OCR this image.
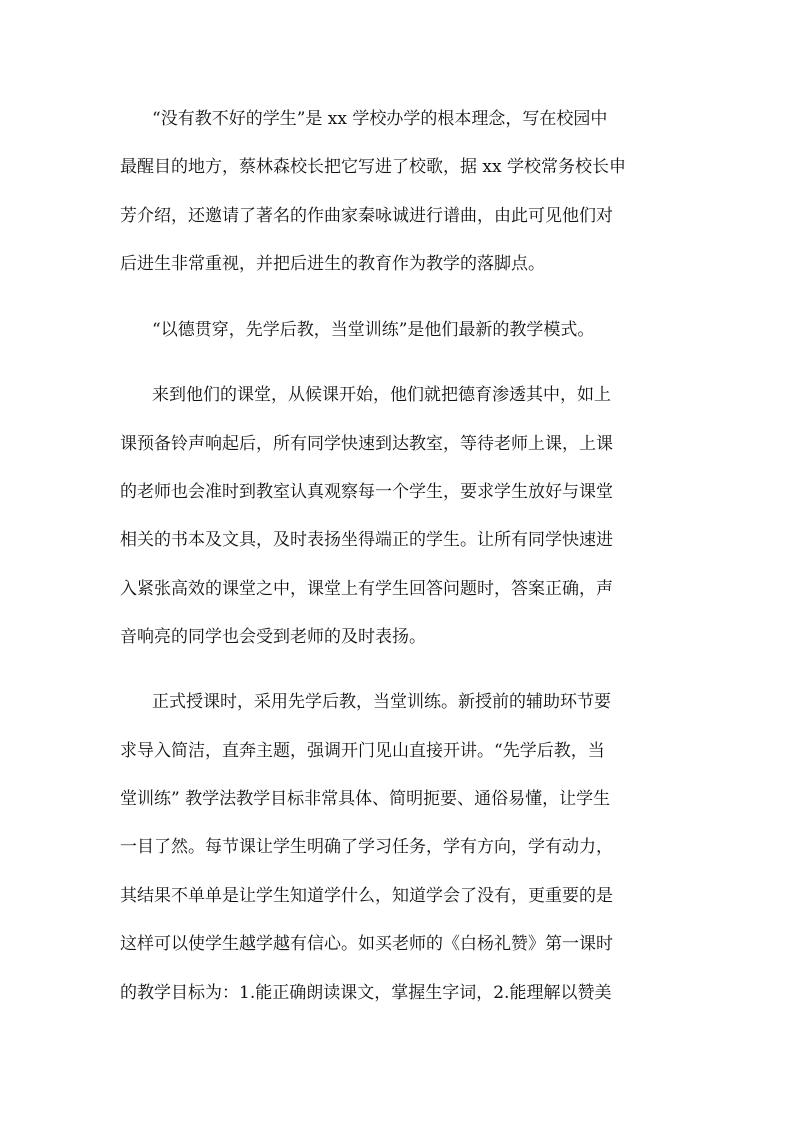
“没有教不好的学生”是 xx 学校办学的根本理念，写在校园中

最醒目的地方，蔡林森校长把它写进了校歌，据 xx 学校常务校长申

芳介绍，还邀请了著名的作曲家秦咏诚进行谱曲，由此可见他们对

后进生非常重视，并把后进生的教育作为教学的落脚点。

“以德贯穿，先学后教，当堂训练”是他们最新的教学模式。

来到他们的课堂，从候课开始，他们就把德育渗透其中，如上

课预备铃声响起后，所有同学快速到达教室，等待老师上课，上课

的老师也会准时到教室认真观察每一个学生，要求学生放好与课堂

相关的书本及文具，及时表扬坐得端正的学生。让所有同学快速进

入紧张高效的课堂之中，课堂上有学生回答问题时，答案正确，声

音响亮的同学也会受到老师的及时表扬。

正式授课时，采用先学后教，当堂训练。新授前的辅助环节要

求导入简洁，直奔主题，强调开门见山直接开讲。“先学后教，当

堂训练” 教学法教学目标非常具体、简明扼要、通俗易懂，让学生

一目了然。每节课让学生明确了学习任务，学有方向，学有动力，

其结果不单单是让学生知道学什么，知道学会了没有，更重要的是

这样可以使学生越学越有信心。如买老师的《白杨礼赞》第一课时

的教学目标为：1.能正确朗读课文，掌握生字词，2.能理解以赞美
